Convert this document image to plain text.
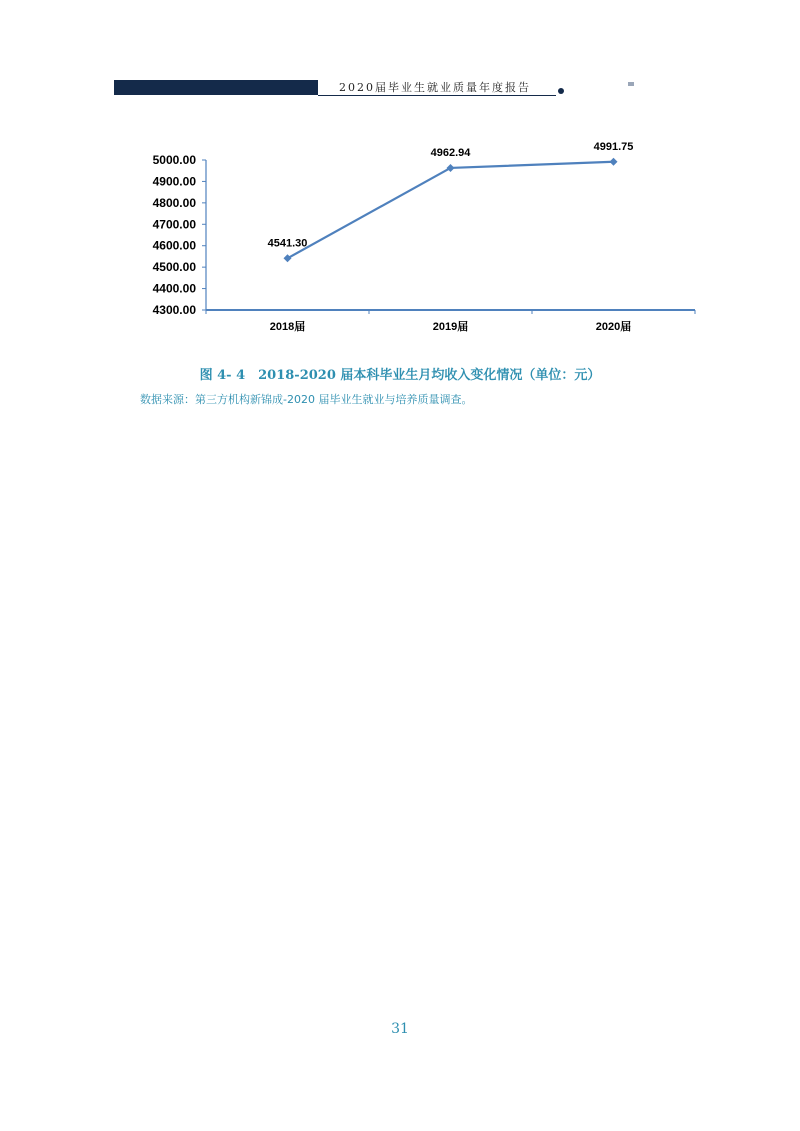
2020届毕业生就业质量年度报告
4300.00
4400.00
4500.00
4600.00
4700.00
4800.00
4900.00
5000.00
2018届	2019届	2020届
4541.30
4962.94
4991.75
图 4- 4　2018-2020 届本科毕业生月均收入变化情况（单位：元）
数据来源：第三方机构新锦成-2020 届毕业生就业与培养质量调查。
31
